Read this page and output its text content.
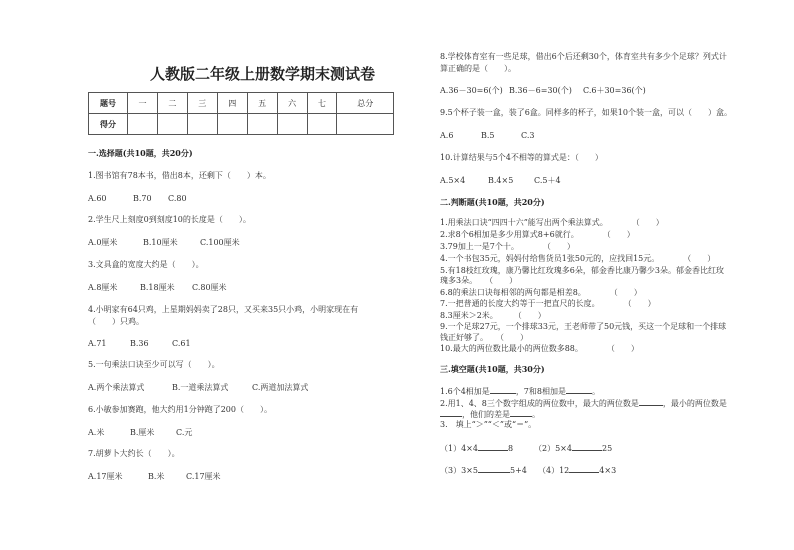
人教版二年级上册数学期末测试卷
题号	一	二	三	四	五	六	七	总分
得分								
一.选择题(共10题，共20分)
1.图书馆有78本书，借出8本，还剩下（　　）本。
A.60	B.70 C.80
2.学生尺上刻度0到刻度10的长度是（　　）。
A.0厘米	B.10厘米	C.100厘米
3.文具盒的宽度大约是（　　）。
A.8厘米	B.18厘米 C.80厘米
4.小明家有64只鸡，上星期妈妈卖了28只，又买来35只小鸡，小明家现在有
（　　）只鸡。
A.71	B.36	C.61
5.一句乘法口诀至少可以写（　　）。
A.两个乘法算式	B.一道乘法算式	C.两道加法算式
6.小敏参加赛跑，他大约用1分钟跑了200（　　）。
A.米	B.厘米	C.元
7.胡萝卜大约长（　　）。
A.17厘米	B.米	C.17厘米
8.学校体育室有一些足球，借出6个后还剩30个，体育室共有多少个足球？列式计
算正确的是（　　）。
A.36－30=6(个) B.36－6=30(个) C.6＋30=36(个)
9.5个杯子装一盒，装了6盒。同样多的杯子，如果10个装一盒，可以（　　）盒。
A.6	B.5	C.3
10.计算结果与5个4不相等的算式是：（　　）
A.5×4	B.4×5	C.5＋4
二.判断题(共10题，共20分)
1.用乘法口诀“四四十六”能写出两个乘法算式。　　　　（　　）
2.求8个6相加是多少用算式8+6就行。　　　　（　　）
3.79加上一是7个十。　　　　（　　）
4.一个书包35元，妈妈付给售货员1张50元的，应找回15元。　　　　（　　）
5.有18枝红玫瑰，康乃馨比红玫瑰多6朵，郁金香比康乃馨少3朵。郁金香比红玫
瑰多3朵。　　（　　）
6.8的乘法口诀每相邻的两句都是相差8。　　　　（　　）
7.一把普通的长度大约等于一把直尺的长度。　　　　（　　）
8.3厘米＞2米。　　　（　　）
9.一个足球27元，一个排球33元，王老师带了50元钱，买这一个足球和一个排球
钱正好够了。　　（　　）
10.最大的两位数比最小的两位数多88。　　　　（　　）
三.填空题(共10题，共30分)
1.6个4相加是	，7和8相加是	。
2.用1、4、8三个数字组成的两位数中，最大的两位数是	，最小的两位数是
，他们的差是	。
3.　填上“＞”“＜”或“＝”。
（1）4×4	8	（2）5×4	25
（3）3×5	5+4 （4）12	4×3
